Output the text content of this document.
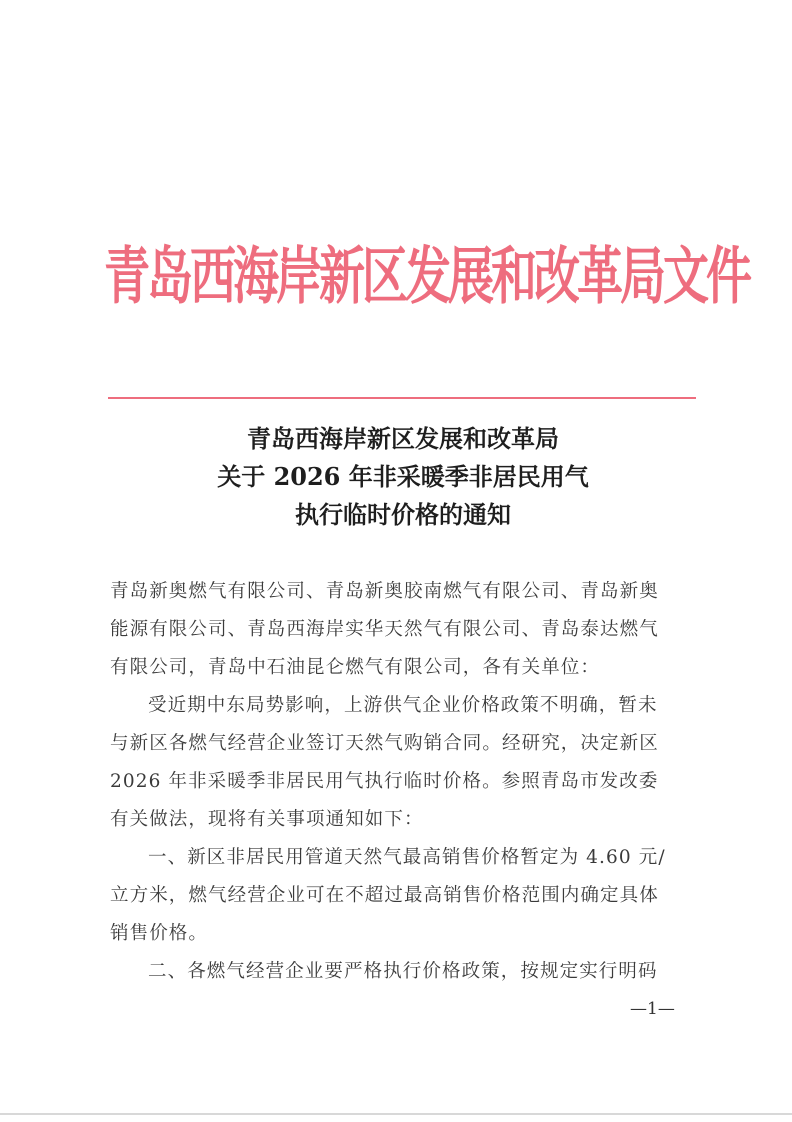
青岛西海岸新区发展和改革局文件
青岛西海岸新区发展和改革局
关于 2026 年非采暖季非居民用气
执行临时价格的通知
青岛新奥燃气有限公司、青岛新奥胶南燃气有限公司、青岛新奥
能源有限公司、青岛西海岸实华天然气有限公司、青岛泰达燃气
有限公司，青岛中石油昆仑燃气有限公司，各有关单位：
受近期中东局势影响，上游供气企业价格政策不明确，暂未
与新区各燃气经营企业签订天然气购销合同。经研究，决定新区
2026 年非采暖季非居民用气执行临时价格。参照青岛市发改委
有关做法，现将有关事项通知如下：
一、新区非居民用管道天然气最高销售价格暂定为 4.60 元/
立方米，燃气经营企业可在不超过最高销售价格范围内确定具体
销售价格。
二、各燃气经营企业要严格执行价格政策，按规定实行明码
—1—
